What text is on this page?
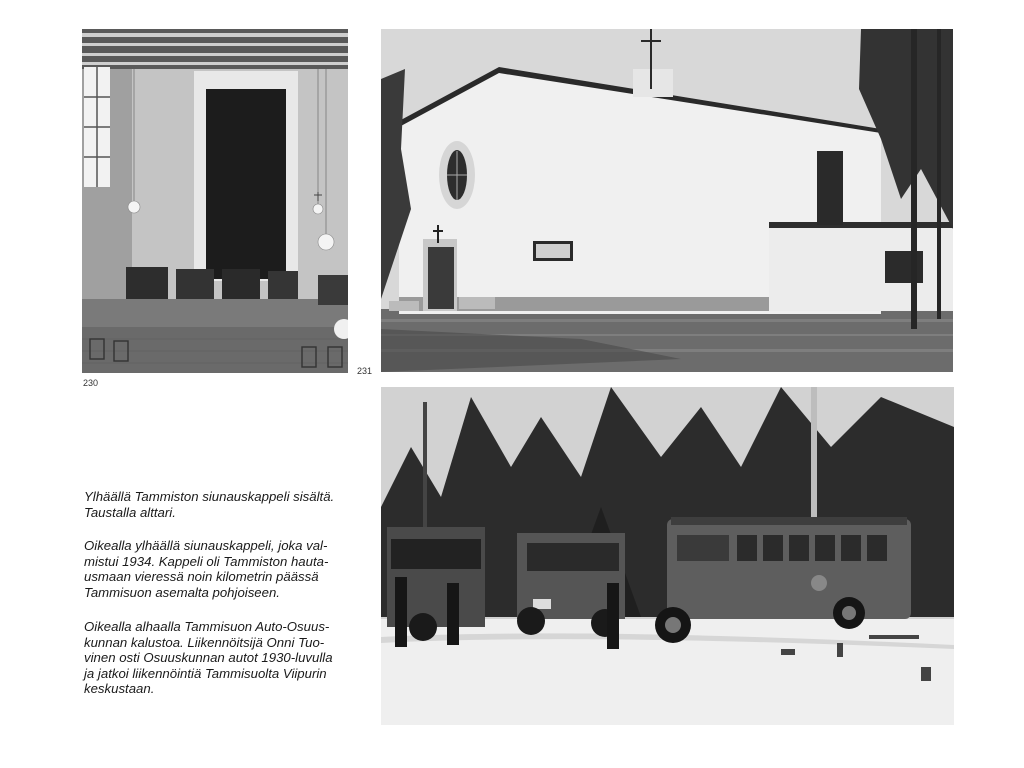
230
231

Ylhäällä Tammiston siunauskappeli sisältä.
Taustalla alttari.

Oikealla ylhäällä siunauskappeli, joka val-
mistui 1934. Kappeli oli Tammiston hauta-
usmaan vieressä noin kilometrin päässä
Tammisuon asemalta pohjoiseen.

Oikealla alhaalla Tammisuon Auto-Osuus-
kunnan kalustoa. Liikennöitsijä Onni Tuo-
vinen osti Osuuskunnan autot 1930-luvulla
ja jatkoi liikennöintiä Tammisuolta Viipurin
keskustaan.
